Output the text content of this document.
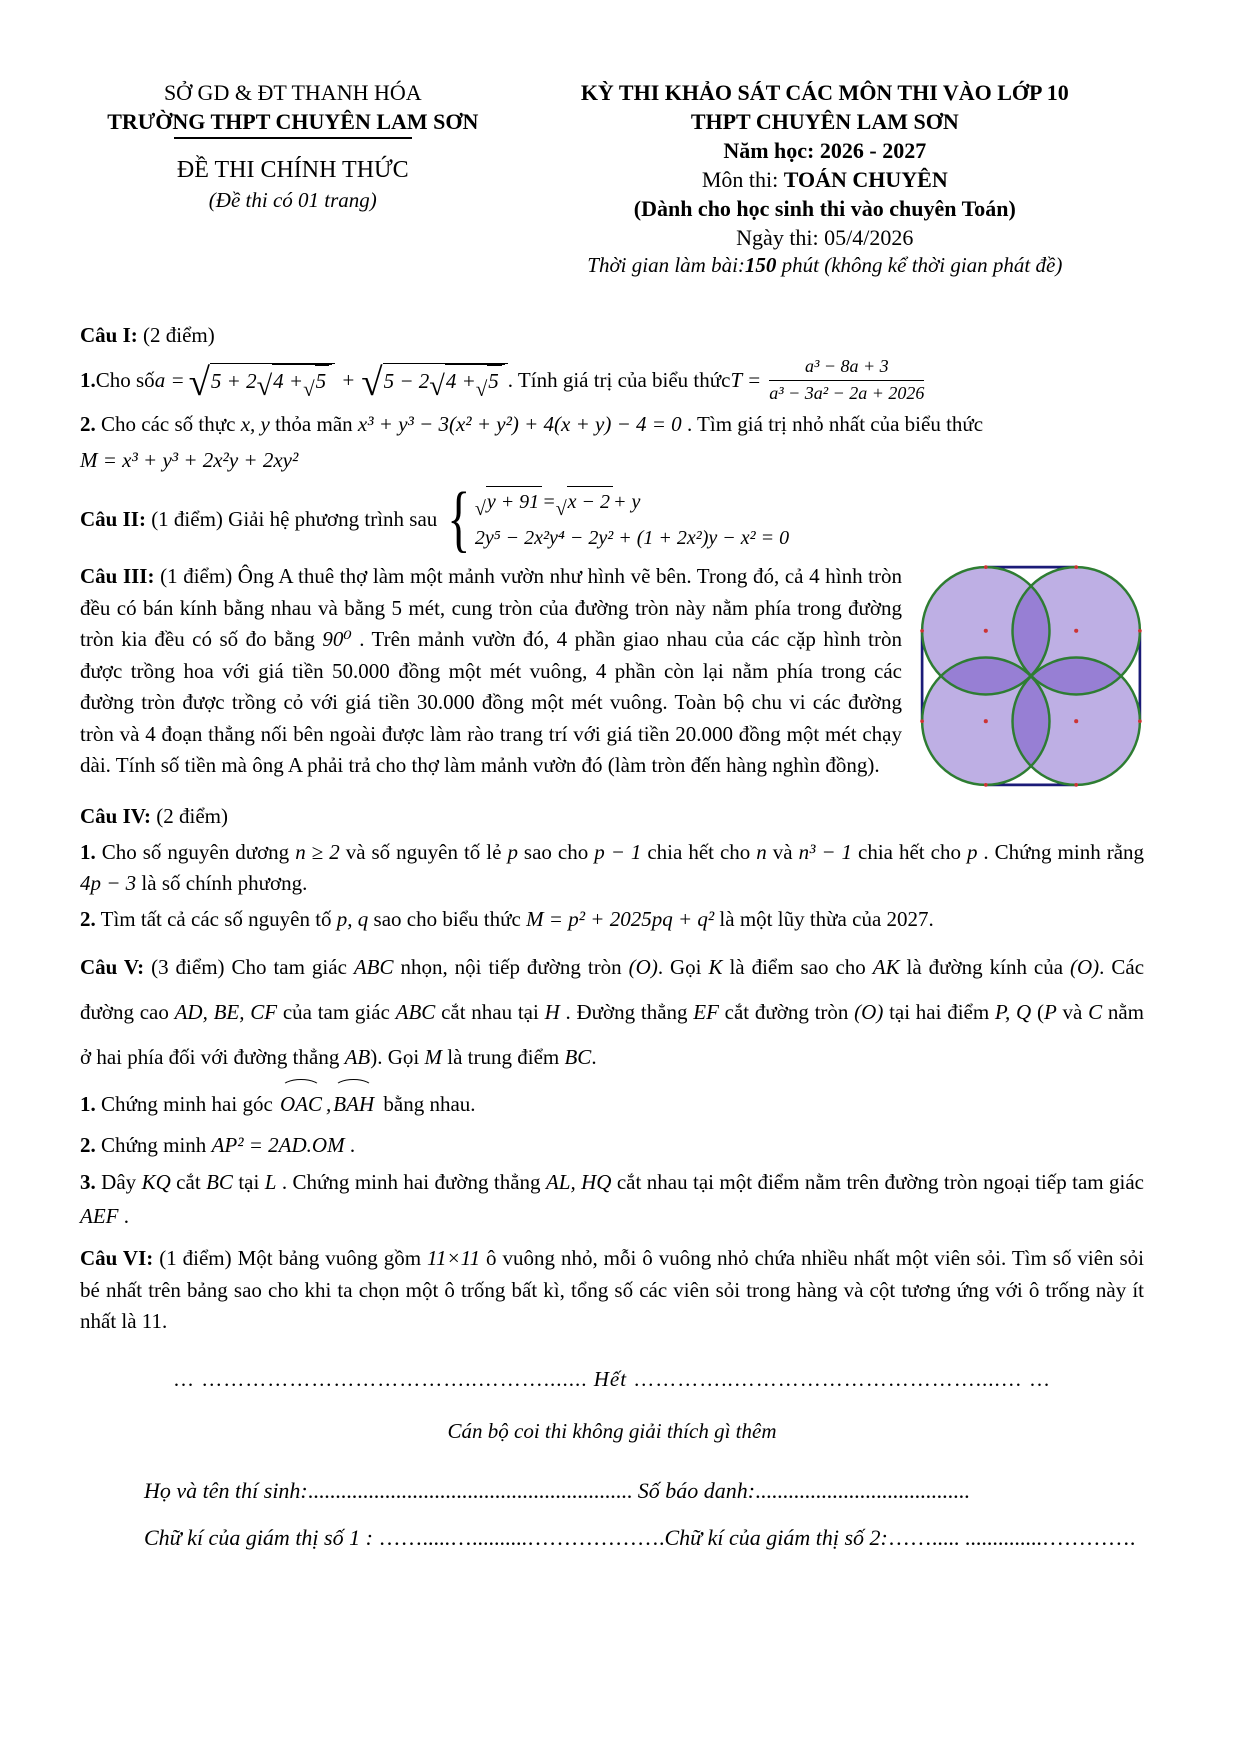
SỞ GD & ĐT THANH HÓA
TRƯỜNG THPT CHUYÊN LAM SƠN
ĐỀ THI CHÍNH THỨC
(Đề thi có 01 trang)
KỲ THI KHẢO SÁT CÁC MÔN THI VÀO LỚP 10
THPT CHUYÊN LAM SƠN
Năm học: 2026 - 2027
Môn thi: TOÁN CHUYÊN
(Dành cho học sinh thi vào chuyên Toán)
Ngày thi: 05/4/2026
Thời gian làm bài:150 phút (không kể thời gian phát đề)

Câu I: (2 điểm)

1. Cho số a = √ 5 + 2 √ 4 + √ 5 + √ 5 − 2 √ 4 + √ 5 . Tính giá trị của biểu thức $T = \frac{\text{a³ − 8a + 3}}{\text{a³ − 3a² − 2a + 2026}}$

2. Cho các số thực x, y thỏa mãn x³ + y³ − 3(x² + y²) + 4(x + y) − 4 = 0 . Tìm giá trị nhỏ nhất của biểu thức

M = x³ + y³ + 2x²y + 2xy²

Câu II: (1 điểm) Giải hệ phương trình sau { √ y + 91 = √ x − 2 + y
2y⁵ − 2x²y⁴ − 2y² + (1 + 2x²)y − x² = 0

Câu III: (1 điểm) Ông A thuê thợ làm một mảnh vườn như hình vẽ bên. Trong đó, cả 4 hình tròn đều có bán kính bằng nhau và bằng 5 mét, cung tròn của đường tròn này nằm phía trong đường tròn kia đều có số đo bằng 90⁰ . Trên mảnh vườn đó, 4 phần giao nhau của các cặp hình tròn được trồng hoa với giá tiền 50.000 đồng một mét vuông, 4 phần còn lại nằm phía trong các đường tròn được trồng cỏ với giá tiền 30.000 đồng một mét vuông. Toàn bộ chu vi các đường tròn và 4 đoạn thẳng nối bên ngoài được làm rào trang trí với giá tiền 20.000 đồng một mét chạy dài. Tính số tiền mà ông A phải trả cho thợ làm mảnh vườn đó (làm tròn đến hàng nghìn đồng).

Câu IV: (2 điểm)

1. Cho số nguyên dương n ≥ 2 và số nguyên tố lẻ p sao cho p − 1 chia hết cho n và n³ − 1 chia hết cho p . Chứng minh rằng 4p − 3 là số chính phương.

2. Tìm tất cả các số nguyên tố p, q sao cho biểu thức M = p² + 2025pq + q² là một lũy thừa của 2027.

Câu V: (3 điểm) Cho tam giác ABC nhọn, nội tiếp đường tròn (O). Gọi K là điểm sao cho AK là đường kính của (O). Các đường cao AD, BE, CF của tam giác ABC cắt nhau tại H . Đường thẳng EF cắt đường tròn (O) tại hai điểm P, Q (P và C nằm ở hai phía đối với đường thẳng AB). Gọi M là trung điểm BC.

1. Chứng minh hai góc OAC ,BAH bằng nhau.

2. Chứng minh AP² = 2AD.OM .

3. Dây KQ cắt BC tại L . Chứng minh hai đường thẳng AL, HQ cắt nhau tại một điểm nằm trên đường tròn ngoại tiếp tam giác AEF .

Câu VI: (1 điểm) Một bảng vuông gồm 11×11 ô vuông nhỏ, mỗi ô vuông nhỏ chứa nhiều nhất một viên sỏi. Tìm số viên sỏi bé nhất trên bảng sao cho khi ta chọn một ô trống bất kì, tổng số các viên sỏi trong hàng và cột tương ứng với ô trống này ít nhất là 11.

… ………………………………..………....... Hết …………..……………………………....… …

Cán bộ coi thi không giải thích gì thêm

Họ và tên thí sinh:........................................................... Số báo danh:.......................................

Chữ kí của giám thị số 1 : …….....…..........……………….Chữ kí của giám thị số 2:……..... ..............………….
